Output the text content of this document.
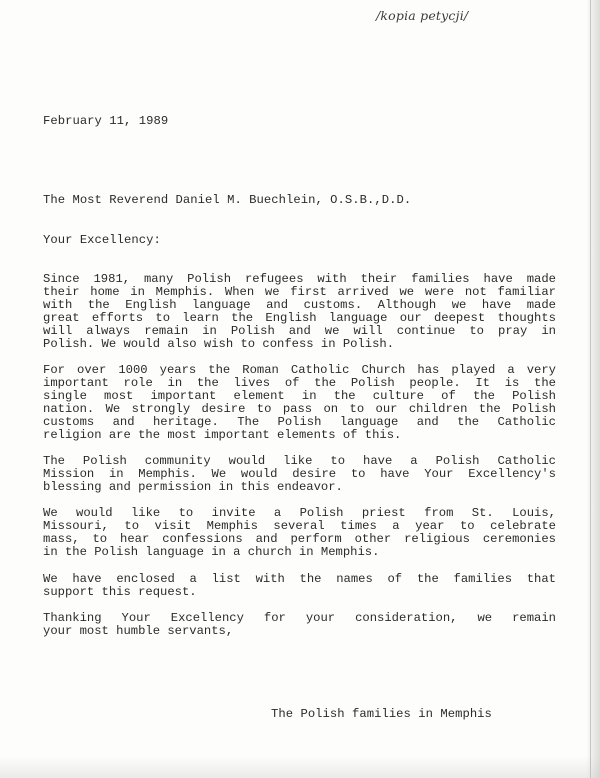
/kopia petycji/
February 11, 1989
The Most Reverend Daniel M. Buechlein, O.S.B.,D.D.
Your Excellency:
Since 1981, many Polish refugees with their families have made
their home in Memphis. When we first arrived we were not familiar
with the English language and customs. Although we have made
great efforts to learn the English language our deepest thoughts
will always remain in Polish and we will continue to pray in
Polish. We would also wish to confess in Polish.
For over 1000 years the Roman Catholic Church has played a very
important role in the lives of the Polish people. It is the
single most important element in the culture of the Polish
nation. We strongly desire to pass on to our children the Polish
customs and heritage. The Polish language and the Catholic
religion are the most important elements of this.
The Polish community would like to have a Polish Catholic
Mission in Memphis. We would desire to have Your Excellency's
blessing and permission in this endeavor.
We would like to invite a Polish priest from St. Louis,
Missouri, to visit Memphis several times a year to celebrate
mass, to hear confessions and perform other religious ceremonies
in the Polish language in a church in Memphis.
We have enclosed a list with the names of the families that
support this request.
Thanking Your Excellency for your consideration, we remain
your most humble servants,
The Polish families in Memphis
